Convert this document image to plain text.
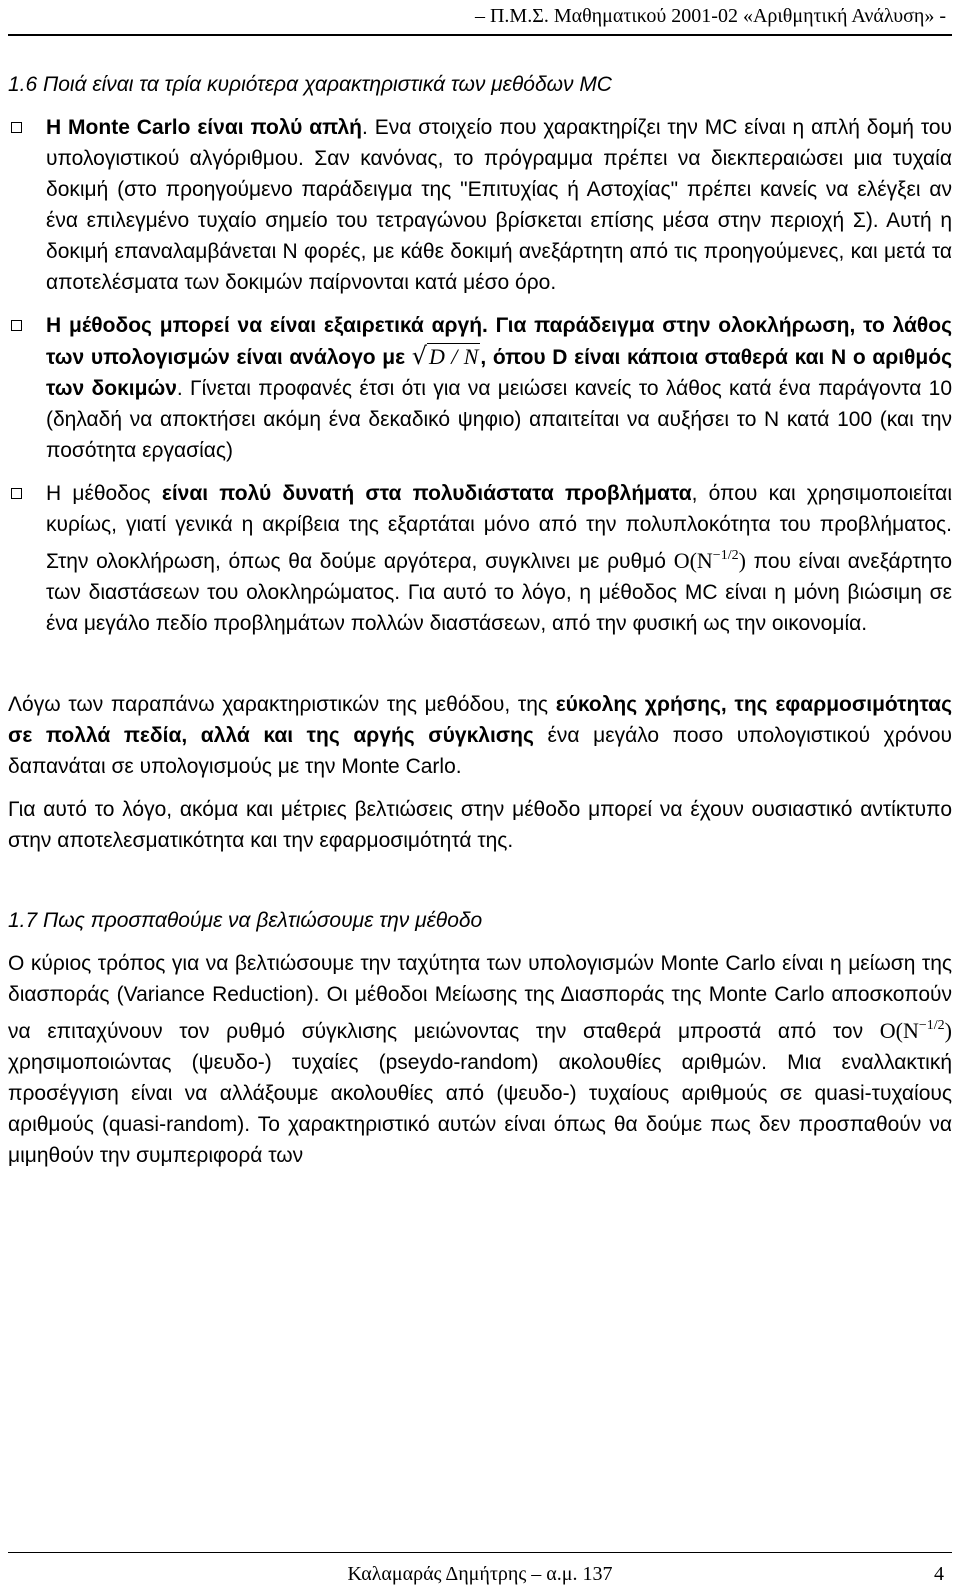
– Π.Μ.Σ. Μαθηματικού 2001-02 «Αριθμητική Ανάλυση» -
1.6 Ποιά είναι τα τρία κυριότερα χαρακτηριστικά των μεθόδων MC
Η Monte Carlo είναι πολύ απλή. Ενα στοιχείο που χαρακτηρίζει την MC είναι η απλή δομή του υπολογιστικού αλγόριθμου. Σαν κανόνας, το πρόγραμμα πρέπει να διεκπεραιώσει μια τυχαία δοκιμή (στο προηγούμενο παράδειγμα της "Επιτυχίας ή Αστοχίας" πρέπει κανείς να ελέγξει αν ένα επιλεγμένο τυχαίο σημείο του τετραγώνου βρίσκεται επίσης μέσα στην περιοχή Σ). Αυτή η δοκιμή επαναλαμβάνεται Ν φορές, με κάθε δοκιμή ανεξάρτητη από τις προηγούμενες, και μετά τα αποτελέσματα των δοκιμών παίρνονται κατά μέσο όρο.
Η μέθοδος μπορεί να είναι εξαιρετικά αργή. Για παράδειγμα στην ολοκλήρωση, το λάθος των υπολογισμών είναι ανάλογο με √D / N, όπου D είναι κάποια σταθερά και Ν ο αριθμός των δοκιμών. Γίνεται προφανές έτσι ότι για να μειώσει κανείς το λάθος κατά ένα παράγοντα 10 (δηλαδή να αποκτήσει ακόμη ένα δεκαδικό ψηφιο) απαιτείται να αυξήσει το Ν κατά 100 (και την ποσότητα εργασίας)
Η μέθοδος είναι πολύ δυνατή στα πολυδιάστατα προβλήματα, όπου και χρησιμοποιείται κυρίως, γιατί γενικά η ακρίβεια της εξαρτάται μόνο από την πολυπλοκότητα του προβλήματος. Στην ολοκλήρωση, όπως θα δούμε αργότερα, συγκλινει με ρυθμό $O(N^{-1/2})$ που είναι ανεξάρτητο των διαστάσεων του ολοκληρώματος. Για αυτό το λόγο, η μέθοδος MC είναι η μόνη βιώσιμη σε ένα μεγάλο πεδίο προβλημάτων πολλών διαστάσεων, από την φυσική ως την οικονομία.

Λόγω των παραπάνω χαρακτηριστικών της μεθόδου, της εύκολης χρήσης, της εφαρμοσιμότητας σε πολλά πεδία, αλλά και της αργής σύγκλισης ένα μεγάλο ποσο υπολογιστικού χρόνου δαπανάται σε υπολογισμούς με την Monte Carlo.

Για αυτό το λόγο, ακόμα και μέτριες βελτιώσεις στην μέθοδο μπορεί να έχουν ουσιαστικό αντίκτυπο στην αποτελεσματικότητα και την εφαρμοσιμότητά της.

1.7 Πως προσπαθούμε να βελτιώσουμε την μέθοδο

Ο κύριος τρόπος για να βελτιώσουμε την ταχύτητα των υπολογισμών Monte Carlo είναι η μείωση της διασποράς (Variance Reduction). Οι μέθοδοι Μείωσης της Διασποράς της Monte Carlo αποσκοπούν να επιταχύνουν τον ρυθμό σύγκλισης μειώνοντας την σταθερά μπροστά από τον $O(N^{-1/2})$ χρησιμοποιώντας (ψευδο-) τυχαίες (pseydo-random) ακολουθίες αριθμών. Μια εναλλακτική προσέγγιση είναι να αλλάξουμε ακολουθίες από (ψευδο-) τυχαίους αριθμούς σε quasi-τυχαίους αριθμούς (quasi-random). Το χαρακτηριστικό αυτών είναι όπως θα δούμε πως δεν προσπαθούν να μιμηθούν την συμπεριφορά των

Καλαμαράς Δημήτρης – α.μ. 137	4
